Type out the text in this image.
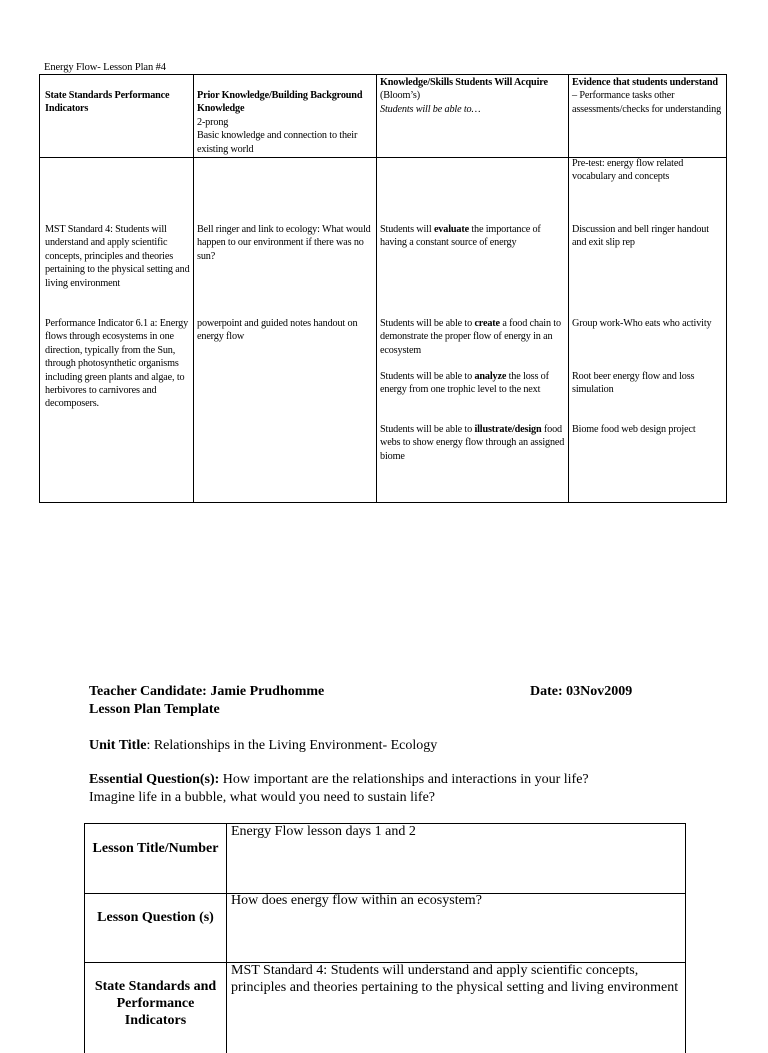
Energy Flow- Lesson Plan #4
State Standards Performance Indicators

Prior Knowledge/Building Background Knowledge

2-prong

Basic knowledge and connection to their existing world

Knowledge/Skills Students Will Acquire (Bloom’s)

Students will be able to…

Evidence that students understand – Performance tasks other assessments/checks for understanding
MST Standard 4: Students will understand and apply scientific concepts, principles and theories pertaining to the physical setting and living environment
Performance Indicator 6.1 a: Energy flows through ecosystems in one direction, typically from the Sun, through photosynthetic organisms including green plants and algae, to herbivores to carnivores and decomposers.
Bell ringer and link to ecology: What would happen to our environment if there was no sun?
powerpoint and guided notes handout on energy flow
Students will evaluate the importance of having a constant source of energy
Students will be able to create a food chain to demonstrate the proper flow of energy in an ecosystem
Students will be able to analyze the loss of energy from one trophic level to the next
Students will be able to illustrate/design food webs to show energy flow through an assigned biome
Pre-test: energy flow related vocabulary and concepts
Discussion and bell ringer handout and exit slip rep
Group work-Who eats who activity
Root beer energy flow and loss simulation
Biome food web design project
Teacher Candidate: Jamie Prudhomme
Lesson Plan Template
Date: 03Nov2009
Unit Title: Relationships in the Living Environment- Ecology
Essential Question(s): How important are the relationships and interactions in your life?
Imagine life in a bubble, what would you need to sustain life?
Lesson Title/Number
Energy Flow lesson days 1 and 2
Lesson Question (s)
How does energy flow within an ecosystem?
State Standards and Performance Indicators
MST Standard 4: Students will understand and apply scientific concepts, principles and theories pertaining to the physical setting and living environment
